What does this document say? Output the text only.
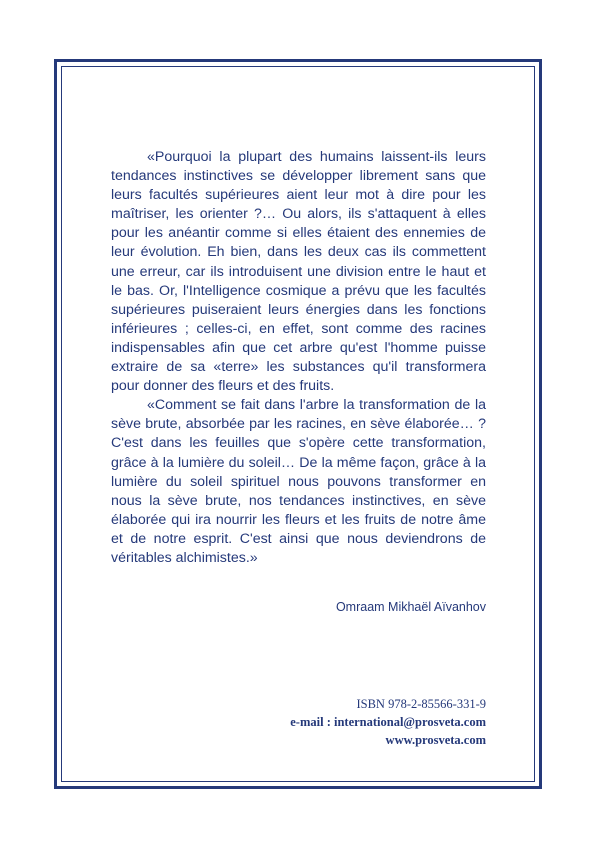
«Pourquoi la plupart des humains laissent-ils leurs tendances instinctives se développer librement sans que leurs facultés supérieures aient leur mot à dire pour les maîtriser, les orienter ?… Ou alors, ils s'attaquent à elles pour les anéantir comme si elles étaient des ennemies de leur évolution. Eh bien, dans les deux cas ils commettent une erreur, car ils introduisent une division entre le haut et le bas. Or, l'Intelligence cosmique a prévu que les facultés supérieures puiseraient leurs énergies dans les fonctions inférieures ; celles-ci, en effet, sont comme des racines indispensables afin que cet arbre qu'est l'homme puisse extraire de sa «terre» les substances qu'il transformera pour donner des fleurs et des fruits.

«Comment se fait dans l'arbre la transformation de la sève brute, absorbée par les racines, en sève élaborée… ? C'est dans les feuilles que s'opère cette transformation, grâce à la lumière du soleil… De la même façon, grâce à la lumière du soleil spirituel nous pouvons transformer en nous la sève brute, nos tendances instinctives, en sève élaborée qui ira nourrir les fleurs et les fruits de notre âme et de notre esprit. C'est ainsi que nous deviendrons de véritables alchimistes.»

Omraam Mikhaël Aïvanhov
ISBN 978-2-85566-331-9
e-mail : international@prosveta.com
www.prosveta.com
